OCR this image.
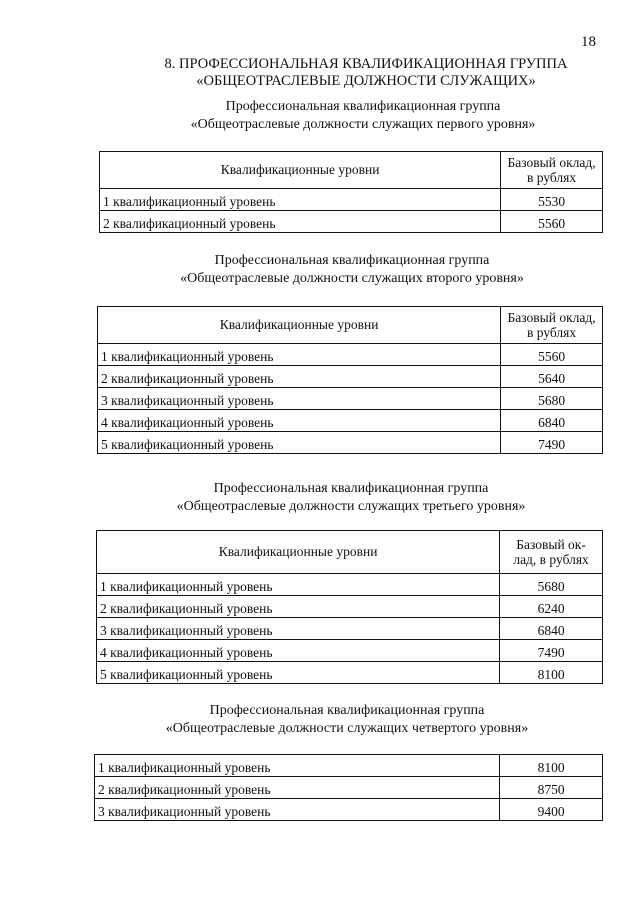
18
8. ПРОФЕССИОНАЛЬНАЯ КВАЛИФИКАЦИОННАЯ ГРУППА
«ОБЩЕОТРАСЛЕВЫЕ ДОЛЖНОСТИ СЛУЖАЩИХ»
Профессиональная квалификационная группа
«Общеотраслевые должности служащих первого уровня»
Квалификационные уровни	Базовый оклад,
в рублях

1 квалификационный уровень	5530
2 квалификационный уровень	5560
Профессиональная квалификационная группа
«Общеотраслевые должности служащих второго уровня»
Квалификационные уровни	Базовый оклад,
в рублях

1 квалификационный уровень	5560
2 квалификационный уровень	5640
3 квалификационный уровень	5680
4 квалификационный уровень	6840
5 квалификационный уровень	7490
Профессиональная квалификационная группа
«Общеотраслевые должности служащих третьего уровня»
Квалификационные уровни	Базовый ок-
лад, в рублях

1 квалификационный уровень	5680
2 квалификационный уровень	6240
3 квалификационный уровень	6840
4 квалификационный уровень	7490
5 квалификационный уровень	8100
Профессиональная квалификационная группа
«Общеотраслевые должности служащих четвертого уровня»
1 квалификационный уровень	8100
2 квалификационный уровень	8750
3 квалификационный уровень	9400
